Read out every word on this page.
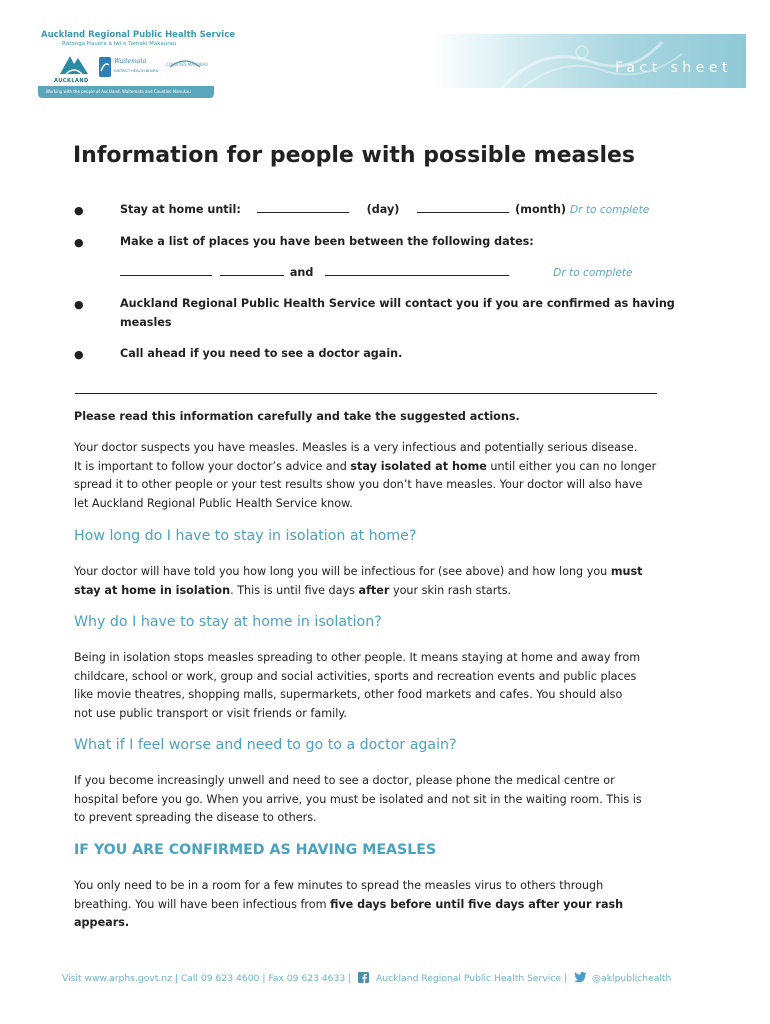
Auckland Regional Public Health Service
Rātonga Hauora ā Iwi o Tamaki Makaurau
AUCKLAND
Waitemata
DISTRICT HEALTH BOARD
COUNTIES MANUKAU
Working with the people of Auckland, Waitemata and Counties Manukau
Fact sheet
Information for people with possible measles
●	Stay at home until:	(day)	(month) Dr to complete
●	Make a list of places you have been between the following dates:
and	Dr to complete
●	Auckland Regional Public Health Service will contact you if you are confirmed as having
measles
●	Call ahead if you need to see a doctor again.
Please read this information carefully and take the suggested actions.
Your doctor suspects you have measles. Measles is a very infectious and potentially serious disease.
It is important to follow your doctor’s advice and stay isolated at home until either you can no longer
spread it to other people or your test results show you don’t have measles. Your doctor will also have
let Auckland Regional Public Health Service know.
How long do I have to stay in isolation at home?
Your doctor will have told you how long you will be infectious for (see above) and how long you must
stay at home in isolation. This is until five days after your skin rash starts.
Why do I have to stay at home in isolation?
Being in isolation stops measles spreading to other people. It means staying at home and away from
childcare, school or work, group and social activities, sports and recreation events and public places
like movie theatres, shopping malls, supermarkets, other food markets and cafes. You should also
not use public transport or visit friends or family.
What if I feel worse and need to go to a doctor again?
If you become increasingly unwell and need to see a doctor, please phone the medical centre or
hospital before you go. When you arrive, you must be isolated and not sit in the waiting room. This is
to prevent spreading the disease to others.
IF YOU ARE CONFIRMED AS HAVING MEASLES
You only need to be in a room for a few minutes to spread the measles virus to others through
breathing. You will have been infectious from five days before until five days after your rash
appears.
Visit www.arphs.govt.nz | Call 09 623 4600 | Fax 09 623 4633 |	Auckland Regional Public Health Service |	@aklpublichealth
